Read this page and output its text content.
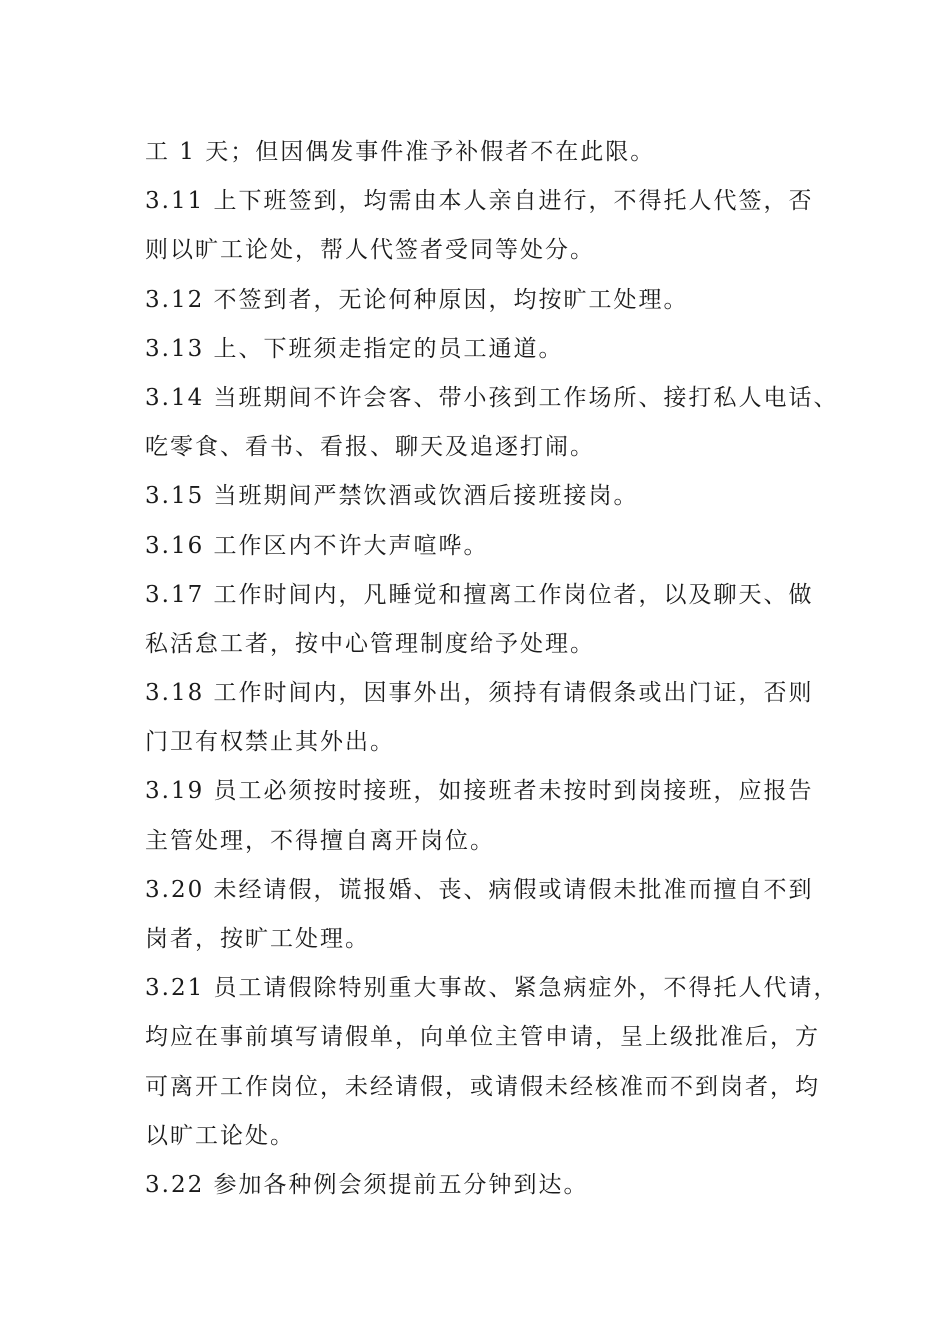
工 1 天；但因偶发事件准予补假者不在此限。
3.11 上下班签到，均需由本人亲自进行，不得托人代签，否
则以旷工论处，帮人代签者受同等处分。
3.12 不签到者，无论何种原因，均按旷工处理。
3.13 上、下班须走指定的员工通道。
3.14 当班期间不许会客、带小孩到工作场所、接打私人电话、
吃零食、看书、看报、聊天及追逐打闹。
3.15 当班期间严禁饮酒或饮酒后接班接岗。
3.16 工作区内不许大声喧哗。
3.17 工作时间内，凡睡觉和擅离工作岗位者，以及聊天、做
私活怠工者，按中心管理制度给予处理。
3.18 工作时间内，因事外出，须持有请假条或出门证，否则
门卫有权禁止其外出。
3.19 员工必须按时接班，如接班者未按时到岗接班，应报告
主管处理，不得擅自离开岗位。
3.20 未经请假，谎报婚、丧、病假或请假未批准而擅自不到
岗者，按旷工处理。
3.21 员工请假除特别重大事故、紧急病症外，不得托人代请，
均应在事前填写请假单，向单位主管申请，呈上级批准后，方
可离开工作岗位，未经请假，或请假未经核准而不到岗者，均
以旷工论处。
3.22 参加各种例会须提前五分钟到达。
